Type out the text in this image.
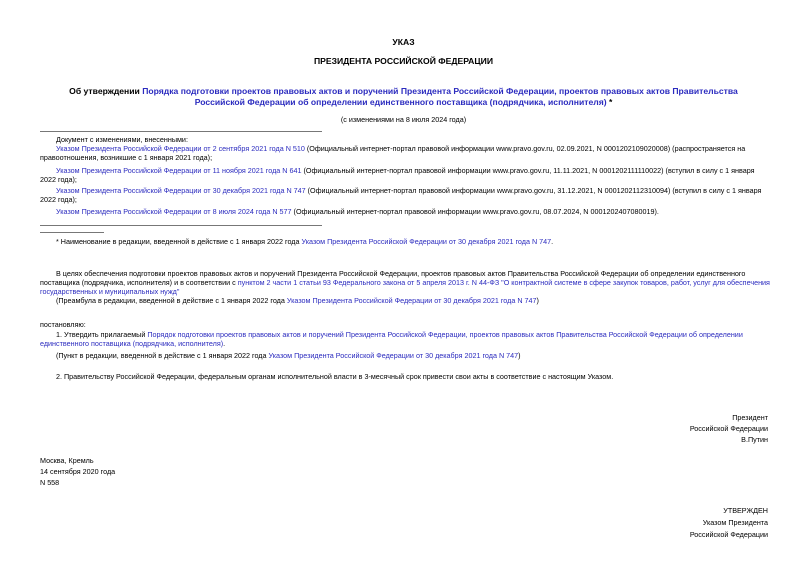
УКАЗ
ПРЕЗИДЕНТА РОССИЙСКОЙ ФЕДЕРАЦИИ
Об утверждении Порядка подготовки проектов правовых актов и поручений Президента Российской Федерации, проектов правовых актов Правительства
Российской Федерации об определении единственного поставщика (подрядчика, исполнителя) *
(с изменениями на 8 июля 2024 года)
Документ с изменениями, внесенными:
Указом Президента Российской Федерации от 2 сентября 2021 года N 510 (Официальный интернет-портал правовой информации www.pravo.gov.ru, 02.09.2021, N 0001202109020008) (распространяется на
правоотношения, возникшие с 1 января 2021 года);
Указом Президента Российской Федерации от 11 ноября 2021 года N 641 (Официальный интернет-портал правовой информации www.pravo.gov.ru, 11.11.2021, N 0001202111110022) (вступил в силу с 1 января
2022 года);
Указом Президента Российской Федерации от 30 декабря 2021 года N 747 (Официальный интернет-портал правовой информации www.pravo.gov.ru, 31.12.2021, N 0001202112310094) (вступил в силу с 1 января
2022 года);
Указом Президента Российской Федерации от 8 июля 2024 года N 577 (Официальный интернет-портал правовой информации www.pravo.gov.ru, 08.07.2024, N 0001202407080019).
* Наименование в редакции, введенной в действие с 1 января 2022 года Указом Президента Российской Федерации от 30 декабря 2021 года N 747.
В целях обеспечения подготовки проектов правовых актов и поручений Президента Российской Федерации, проектов правовых актов Правительства Российской Федерации об определении единственного
поставщика (подрядчика, исполнителя) и в соответствии с пунктом 2 части 1 статьи 93 Федерального закона от 5 апреля 2013 г. N 44-ФЗ "О контрактной системе в сфере закупок товаров, работ, услуг для обеспечения
государственных и муниципальных нужд"
(Преамбула в редакции, введенной в действие с 1 января 2022 года Указом Президента Российской Федерации от 30 декабря 2021 года N 747)
постановляю:
1. Утвердить прилагаемый Порядок подготовки проектов правовых актов и поручений Президента Российской Федерации, проектов правовых актов Правительства Российской Федерации об определении
единственного поставщика (подрядчика, исполнителя).
(Пункт в редакции, введенной в действие с 1 января 2022 года Указом Президента Российской Федерации от 30 декабря 2021 года N 747)
2. Правительству Российской Федерации, федеральным органам исполнительной власти в 3-месячный срок привести свои акты в соответствие с настоящим Указом.
Президент
Российской Федерации
В.Путин
Москва, Кремль
14 сентября 2020 года
N 558
УТВЕРЖДЕН
Указом Президента
Российской Федерации
